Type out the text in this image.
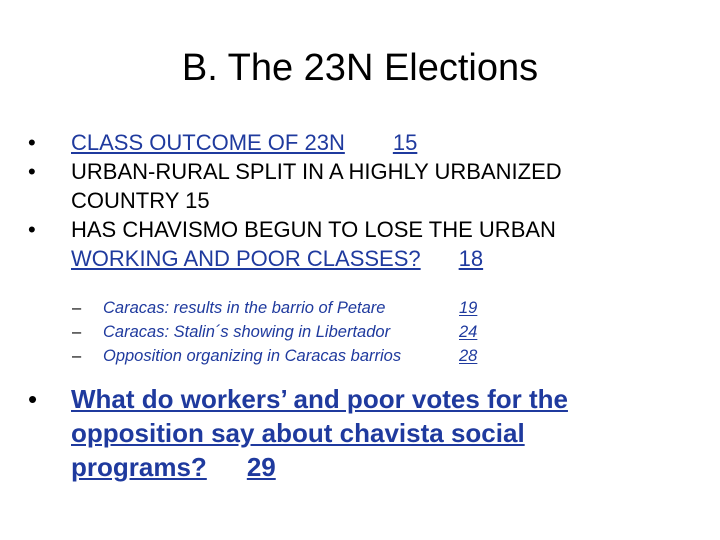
B. The 23N Elections
• CLASS OUTCOME OF 23N 15
• URBAN-RURAL SPLIT IN A HIGHLY URBANIZED
COUNTRY 15
• HAS CHAVISMO BEGUN TO LOSE THE URBAN
WORKING AND POOR CLASSES? 18
– Caracas: results in the barrio of Petare	19
– Caracas: Stalin´s showing in Libertador	24
– Opposition organizing in Caracas barrios	28
• What do workers’ and poor votes for the
opposition say about chavista social
programs? 29
